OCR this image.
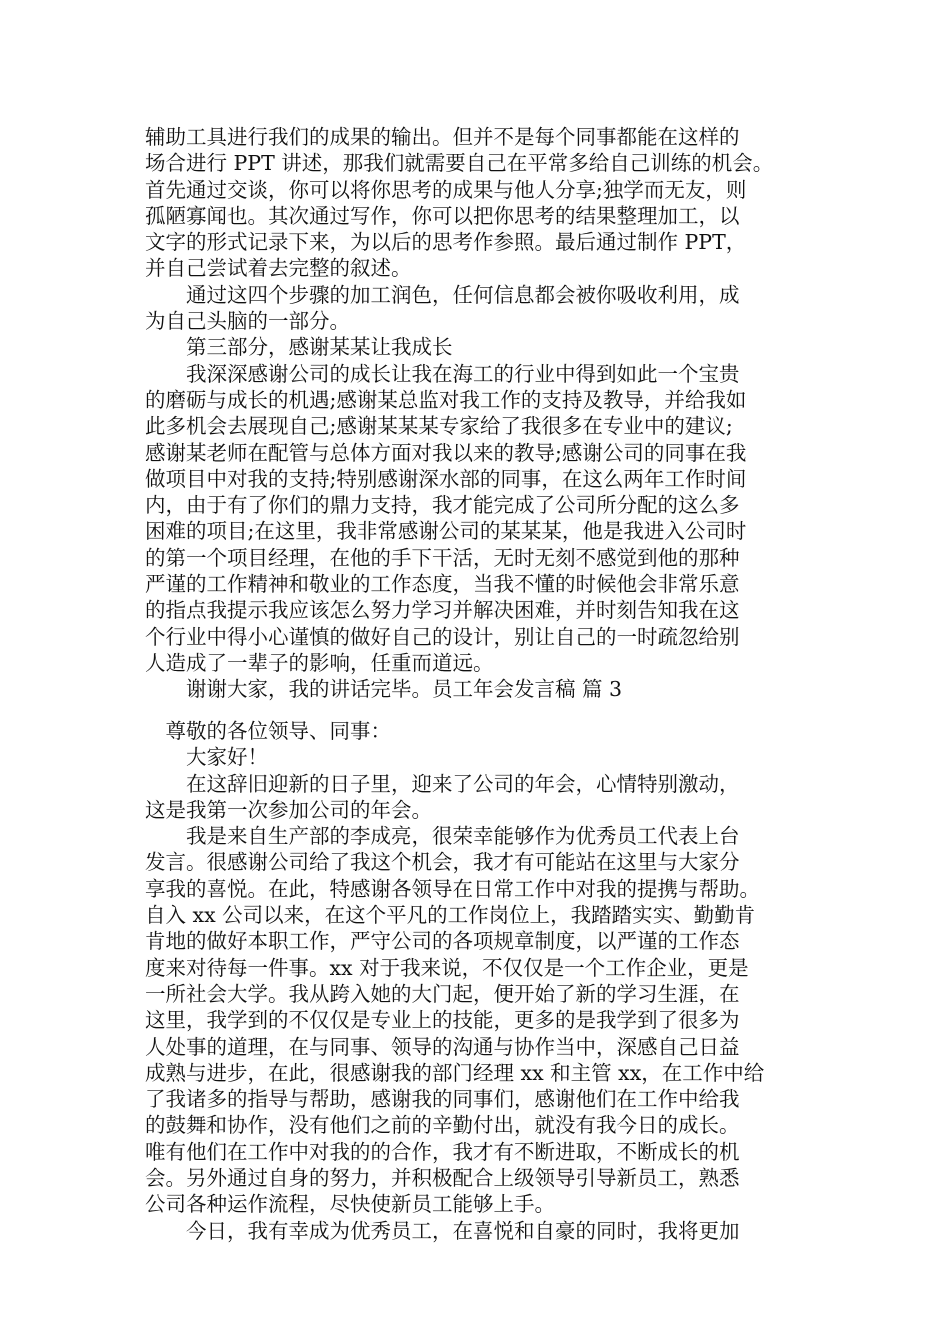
辅助工具进行我们的成果的输出。但并不是每个同事都能在这样的
场合进行 PPT 讲述，那我们就需要自己在平常多给自己训练的机会。
首先通过交谈，你可以将你思考的成果与他人分享;独学而无友，则
孤陋寡闻也。其次通过写作，你可以把你思考的结果整理加工，以
文字的形式记录下来，为以后的思考作参照。最后通过制作 PPT，
并自己尝试着去完整的叙述。
　　通过这四个步骤的加工润色，任何信息都会被你吸收利用，成
为自己头脑的一部分。
　　第三部分，感谢某某让我成长
　　我深深感谢公司的成长让我在海工的行业中得到如此一个宝贵
的磨砺与成长的机遇;感谢某总监对我工作的支持及教导，并给我如
此多机会去展现自己;感谢某某某专家给了我很多在专业中的建议;
感谢某老师在配管与总体方面对我以来的教导;感谢公司的同事在我
做项目中对我的支持;特别感谢深水部的同事，在这么两年工作时间
内，由于有了你们的鼎力支持，我才能完成了公司所分配的这么多
困难的项目;在这里，我非常感谢公司的某某某，他是我进入公司时
的第一个项目经理，在他的手下干活，无时无刻不感觉到他的那种
严谨的工作精神和敬业的工作态度，当我不懂的时候他会非常乐意
的指点我提示我应该怎么努力学习并解决困难，并时刻告知我在这
个行业中得小心谨慎的做好自己的设计，别让自己的一时疏忽给别
人造成了一辈子的影响，任重而道远。
　　谢谢大家，我的讲话完毕。员工年会发言稿 篇 3
　尊敬的各位领导、同事：
　　大家好！
　　在这辞旧迎新的日子里，迎来了公司的年会，心情特别激动，
这是我第一次参加公司的年会。
　　我是来自生产部的李成亮，很荣幸能够作为优秀员工代表上台
发言。很感谢公司给了我这个机会，我才有可能站在这里与大家分
享我的喜悦。在此，特感谢各领导在日常工作中对我的提携与帮助。
自入 xx 公司以来，在这个平凡的工作岗位上，我踏踏实实、勤勤肯
肯地的做好本职工作，严守公司的各项规章制度，以严谨的工作态
度来对待每一件事。xx 对于我来说，不仅仅是一个工作企业，更是
一所社会大学。我从跨入她的大门起，便开始了新的学习生涯，在
这里，我学到的不仅仅是专业上的技能，更多的是我学到了很多为
人处事的道理，在与同事、领导的沟通与协作当中，深感自己日益
成熟与进步，在此，很感谢我的部门经理 xx 和主管 xx，在工作中给
了我诸多的指导与帮助，感谢我的同事们，感谢他们在工作中给我
的鼓舞和协作，没有他们之前的辛勤付出，就没有我今日的成长。
唯有他们在工作中对我的的合作，我才有不断进取，不断成长的机
会。另外通过自身的努力，并积极配合上级领导引导新员工，熟悉
公司各种运作流程，尽快使新员工能够上手。
　　今日，我有幸成为优秀员工，在喜悦和自豪的同时，我将更加
